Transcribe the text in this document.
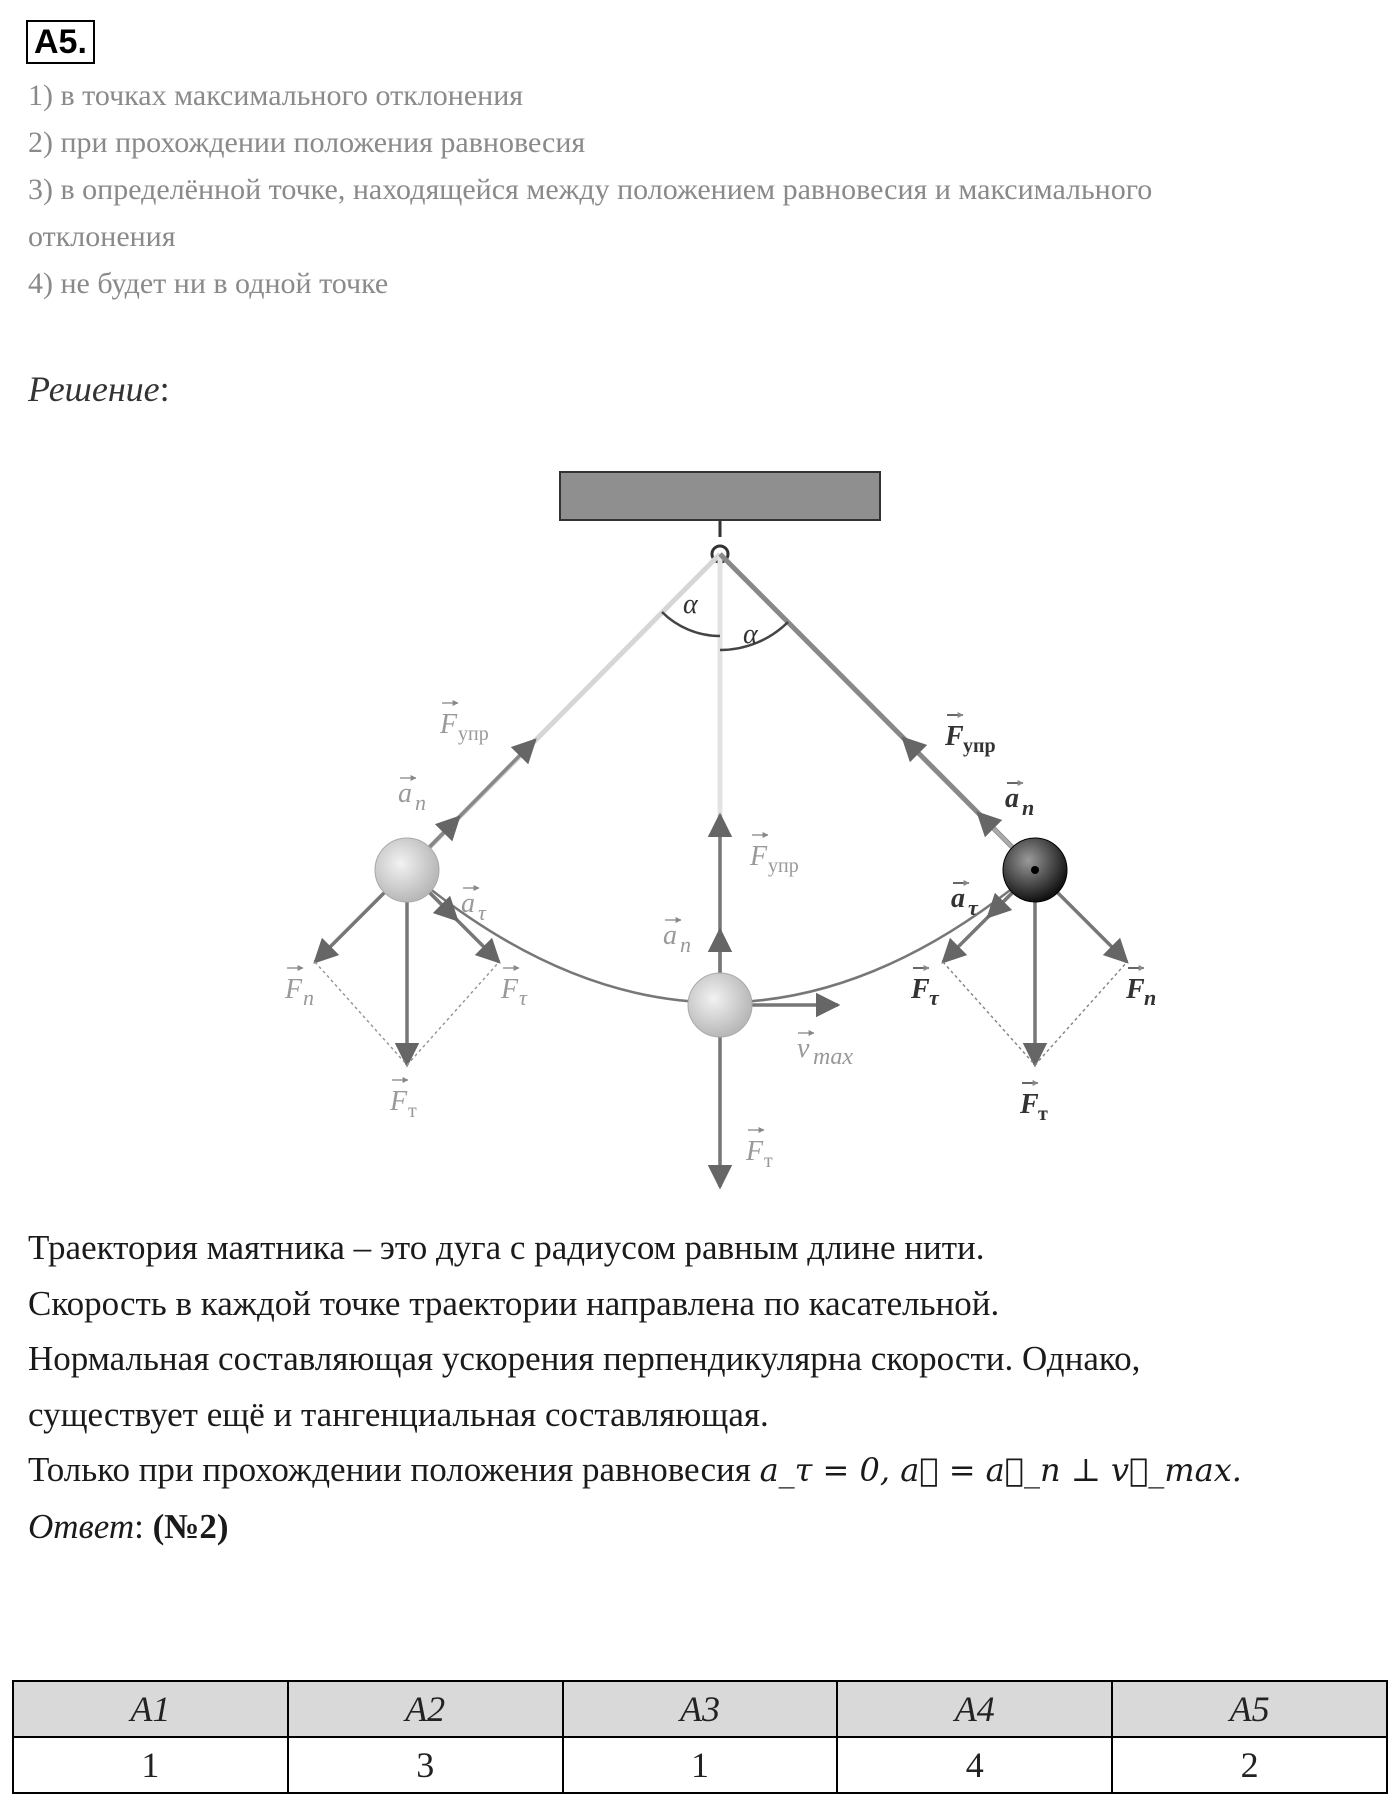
A5.
1) в точках максимального отклонения
2) при прохождении положения равновесия
3) в определённой точке, находящейся между положением равновесия и максимального
отклонения
4) не будет ни в одной точке
Решение:
α
α
F упр
a n
a τ
F n	F τ
F т
F упр
a n
v max
F т
F упр
a n
a τ
F τ	F n
F т
Траектория маятника – это дуга с радиусом равным длине нити.
Скорость в каждой точке траектории направлена по касательной.
Нормальная составляющая ускорения перпендикулярна скорости. Однако,
существует ещё и тангенциальная составляющая.
Только при прохождении положения равновесия a_τ = 0, a⃗ = a⃗_n ⊥ v⃗_max.
Ответ: (№2)
A1	A2	A3	A4	A5
1	3	1	4	2
